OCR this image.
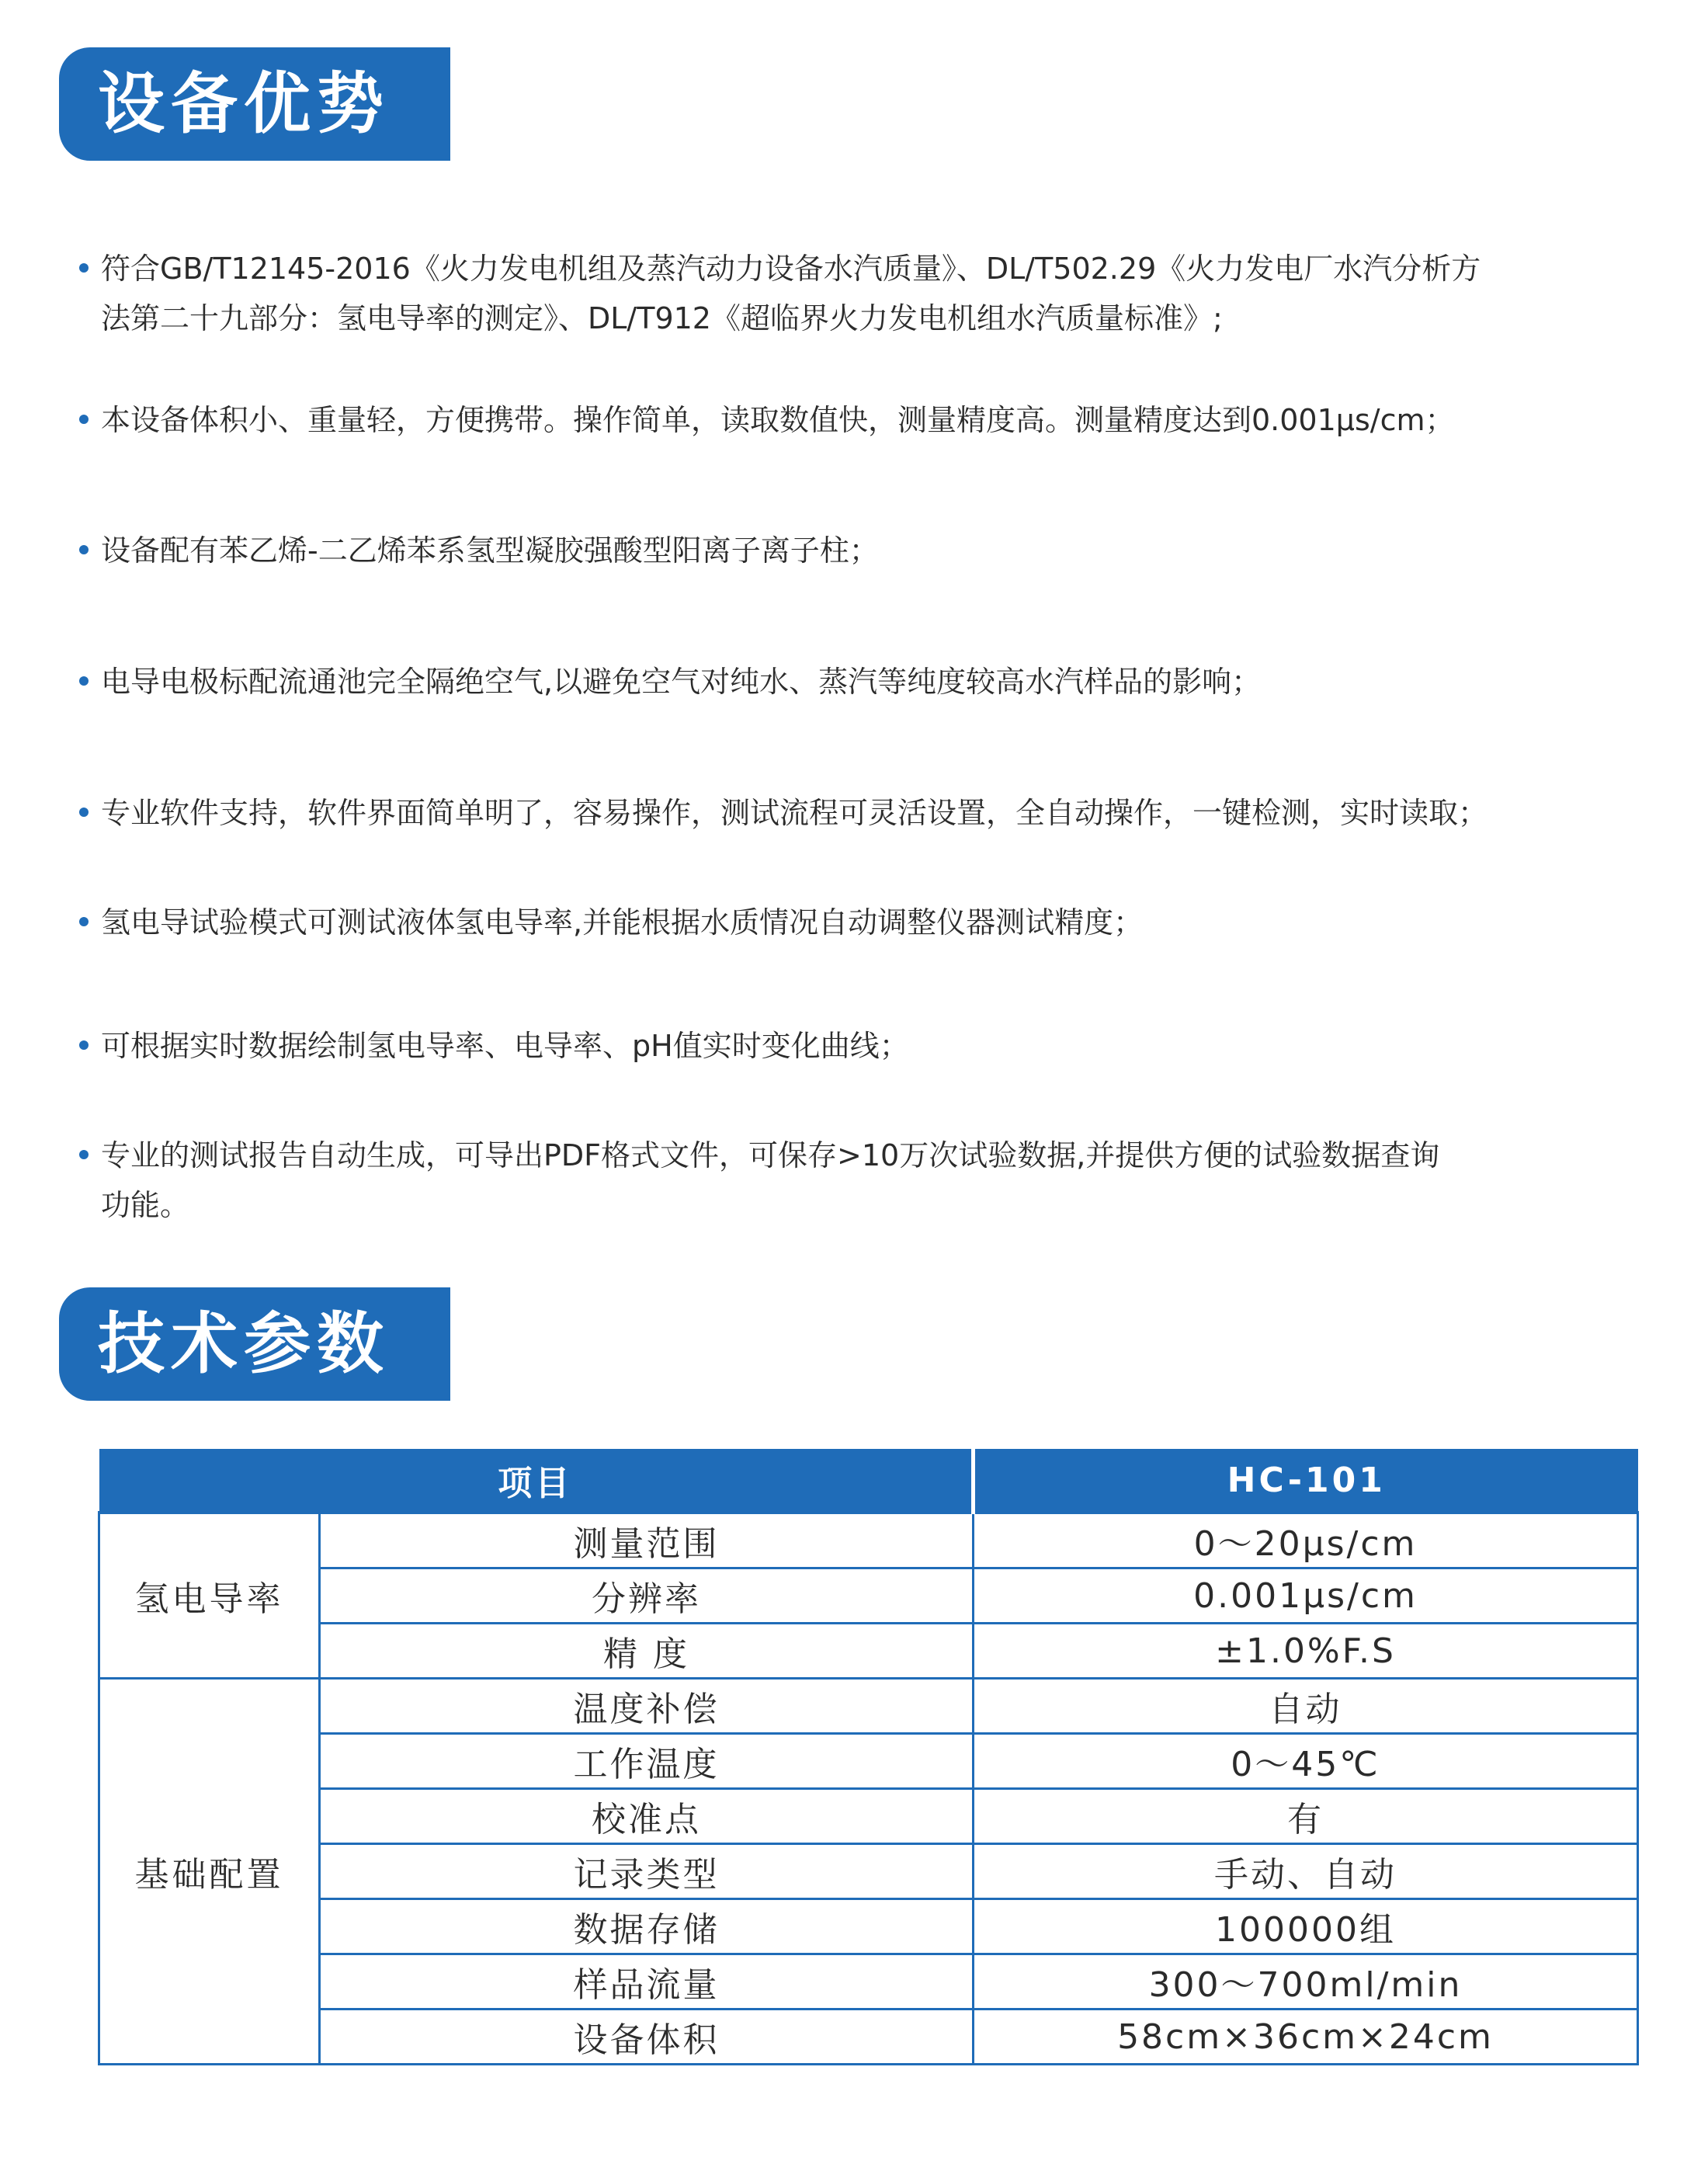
设备优势
符合GB/T12145-2016《火力发电机组及蒸汽动力设备水汽质量》、DL/T502.29《火力发电厂水汽分析方
法第二十九部分：氢电导率的测定》、DL/T912《超临界火力发电机组水汽质量标准》;
本设备体积小、重量轻，方便携带。操作简单，读取数值快，测量精度高。测量精度达到0.001μs/cm；
设备配有苯乙烯-二乙烯苯系氢型凝胶强酸型阳离子离子柱；
电导电极标配流通池完全隔绝空气,以避免空气对纯水、蒸汽等纯度较高水汽样品的影响；
专业软件支持，软件界面简单明了，容易操作，测试流程可灵活设置，全自动操作，一键检测，实时读取；
氢电导试验模式可测试液体氢电导率,并能根据水质情况自动调整仪器测试精度；
可根据实时数据绘制氢电导率、电导率、pH值实时变化曲线；
专业的测试报告自动生成，可导出PDF格式文件，可保存>10万次试验数据,并提供方便的试验数据查询
功能。
技术参数
项目		HC-101
氢电导率	测量范围	0～20μs/cm
	分辨率	0.001μs/cm
	精 度	±1.0%F.S
基础配置	温度补偿	自动
	工作温度	0～45℃
	校准点	有
	记录类型	手动、自动
	数据存储	100000组
	样品流量	300～700ml/min
	设备体积	58cm×36cm×24cm
